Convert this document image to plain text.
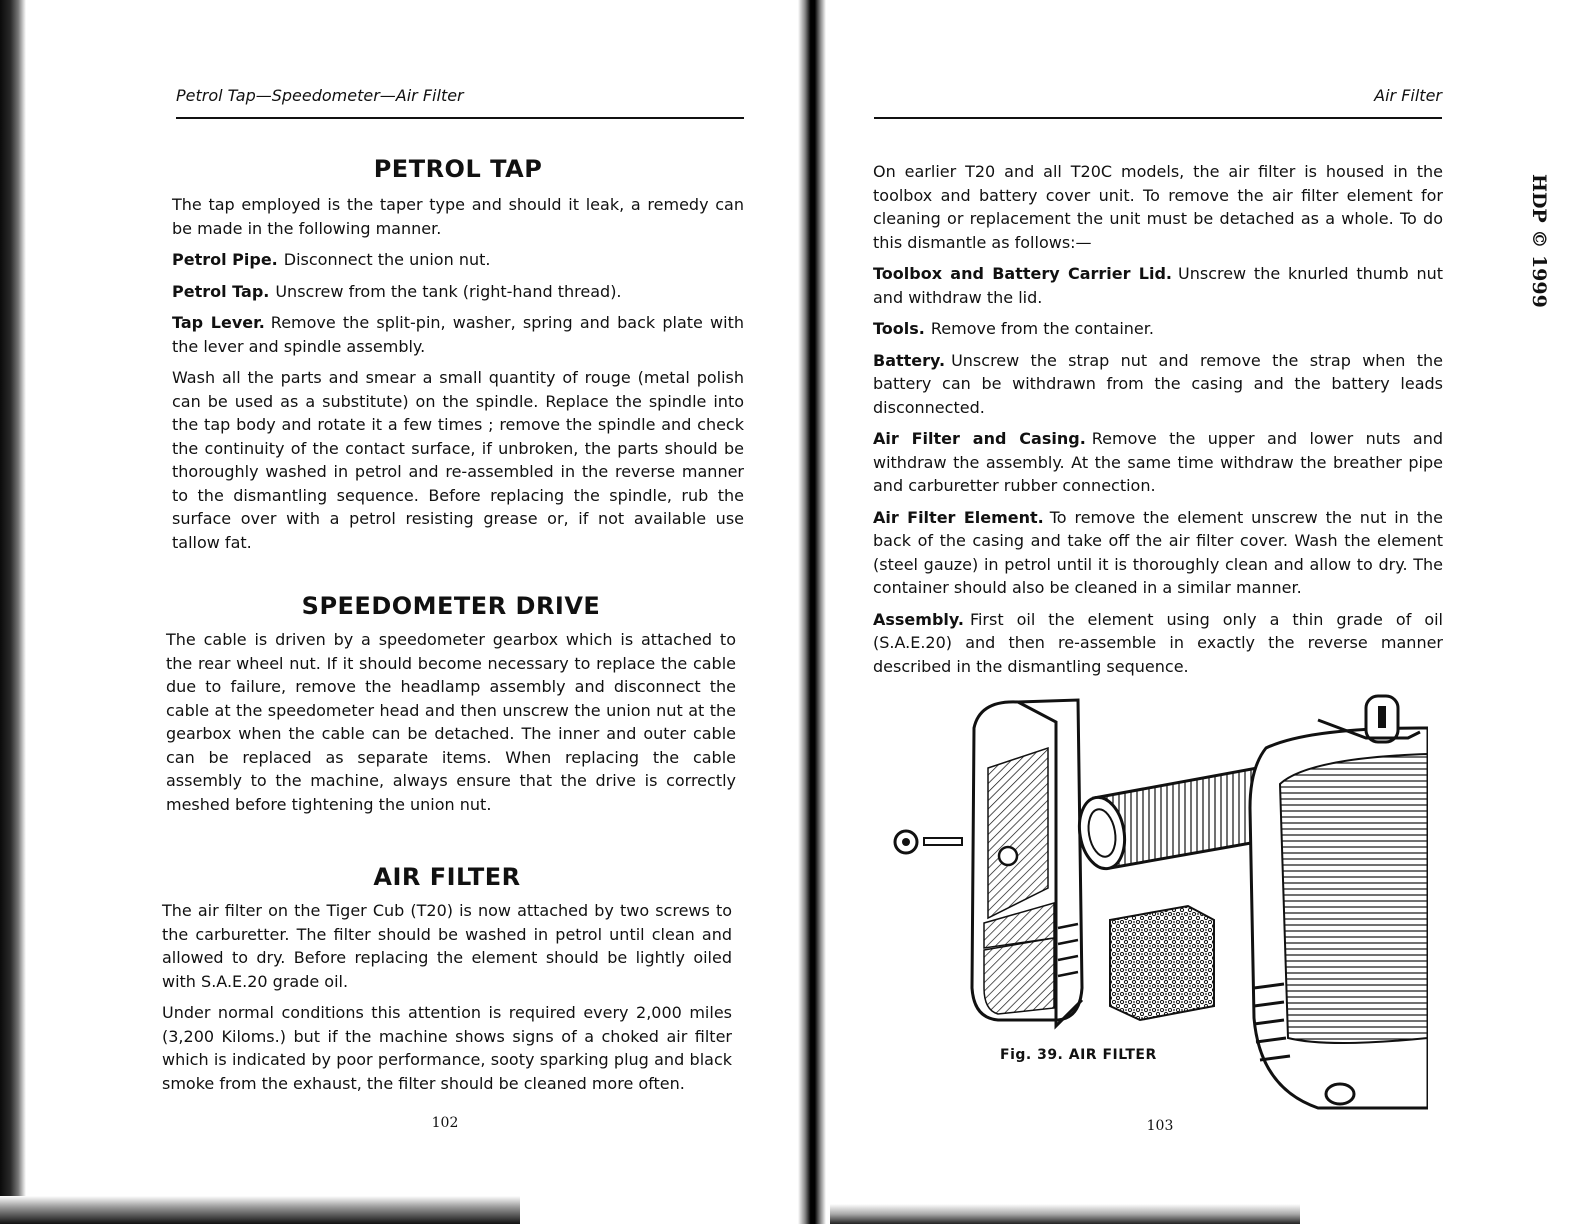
Petrol Tap—Speedometer—Air Filter
PETROL TAP

The tap employed is the taper type and should it leak, a remedy can be made in the following manner.

Petrol Pipe. Disconnect the union nut.

Petrol Tap. Unscrew from the tank (right-hand thread).

Tap Lever. Remove the split-pin, washer, spring and back plate with the lever and spindle assembly.

Wash all the parts and smear a small quantity of rouge (metal polish can be used as a substitute) on the spindle. Replace the spindle into the tap body and rotate it a few times ; remove the spindle and check the continuity of the contact surface, if unbroken, the parts should be thoroughly washed in petrol and re-assembled in the reverse manner to the dismantling sequence. Before replacing the spindle, rub the surface over with a petrol resisting grease or, if not available use tallow fat.

SPEEDOMETER DRIVE

The cable is driven by a speedometer gearbox which is attached to the rear wheel nut. If it should become necessary to replace the cable due to failure, remove the headlamp assembly and disconnect the cable at the speedometer head and then unscrew the union nut at the gearbox when the cable can be detached. The inner and outer cable can be replaced as separate items. When replacing the cable assembly to the machine, always ensure that the drive is correctly meshed before tightening the union nut.

AIR FILTER

The air filter on the Tiger Cub (T20) is now attached by two screws to the carburetter. The filter should be washed in petrol until clean and allowed to dry. Before replacing the element should be lightly oiled with S.A.E.20 grade oil.

Under normal conditions this attention is required every 2,000 miles (3,200 Kiloms.) but if the machine shows signs of a choked air filter which is indicated by poor performance, sooty sparking plug and black smoke from the exhaust, the filter should be cleaned more often.

102
Air Filter
HDP © 1999

On earlier T20 and all T20C models, the air filter is housed in the toolbox and battery cover unit. To remove the air filter element for cleaning or replacement the unit must be detached as a whole. To do this dismantle as follows:—

Toolbox and Battery Carrier Lid. Unscrew the knurled thumb nut and withdraw the lid.

Tools. Remove from the container.

Battery. Unscrew the strap nut and remove the strap when the battery can be withdrawn from the casing and the battery leads disconnected.

Air Filter and Casing. Remove the upper and lower nuts and withdraw the assembly. At the same time withdraw the breather pipe and carburetter rubber connection.

Air Filter Element. To remove the element unscrew the nut in the back of the casing and take off the air filter cover. Wash the element (steel gauze) in petrol until it is thoroughly clean and allow to dry. The container should also be cleaned in a similar manner.

Assembly. First oil the element using only a thin grade of oil (S.A.E.20) and then re-assemble in exactly the reverse manner described in the dismantling sequence.

Fig. 39. AIR FILTER
103
